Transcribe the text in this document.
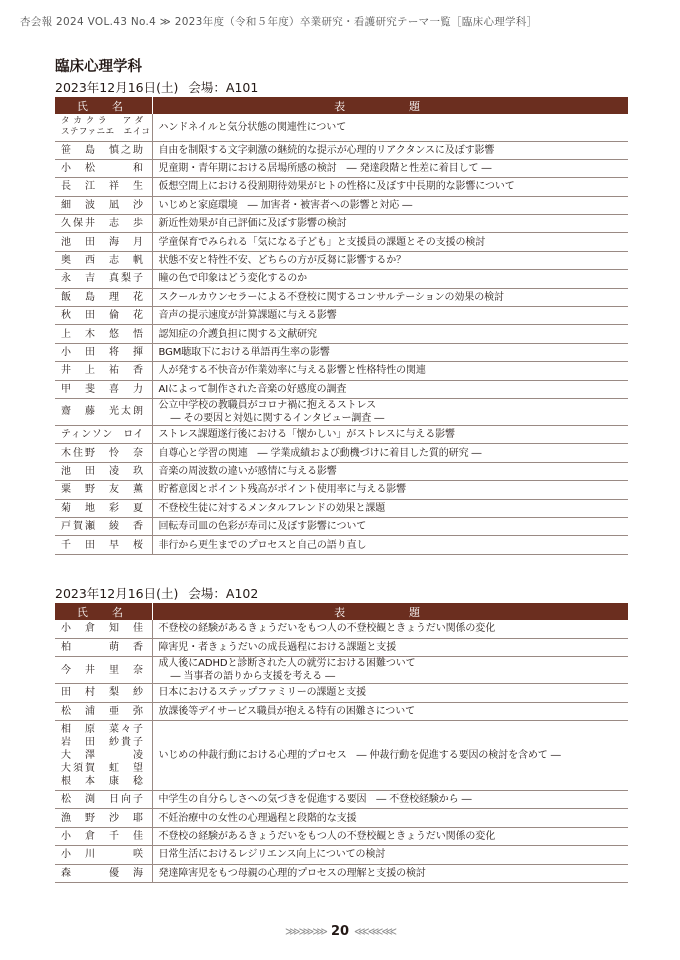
杏会報 2024 VOL.43 No.4 ≫ 2023年度（令和５年度）卒業研究・看護研究テーマ一覧［臨床心理学科］
臨床心理学科
2023年12月16日(土) 会場：A101
氏　名	表　題

タカクラ　アダ
ステファニエ　エイコ	ハンドネイルと気分状態の関連性について

笹　島　慎之助	自由を制限する文字刺激の継続的な提示が心理的リアクタンスに及ぼす影響

小　松　　　和	児童期・青年期における居場所感の検討　― 発達段階と性差に着目して ―

長　江　祥　生	仮想空間上における役割期待効果がヒトの性格に及ぼす中長期的な影響について

細　波　凪　沙	いじめと家庭環境　― 加害者・被害者への影響と対応 ―

久保井　志　歩	新近性効果が自己評価に及ぼす影響の検討

池　田　海　月	学童保育でみられる「気になる子ども」と支援員の課題とその支援の検討

奥　西　志　帆	状態不安と特性不安、どちらの方が反芻に影響するか？

永　吉　真梨子	瞳の色で印象はどう変化するのか

飯　島　理　花	スクールカウンセラーによる不登校に関するコンサルテーションの効果の検討

秋　田　倫　花	音声の提示速度が計算課題に与える影響

上　木　悠　悟	認知症の介護負担に関する文献研究

小　田　将　揮	BGM聴取下における単語再生率の影響

井　上　祐　香	人が発する不快音が作業効率に与える影響と性格特性の関連

甲　斐　喜　力	AIによって制作された音楽の好感度の調査

齋　藤　光太朗	公立中学校の教職員がコロナ禍に抱えるストレス
― その要因と対処に関するインタビュー調査 ―

ティンソン　ロイ	ストレス課題遂行後における「懐かしい」がストレスに与える影響

木住野　怜　奈	自尊心と学習の関連　― 学業成績および動機づけに着目した質的研究 ―

池　田　凌　玖	音楽の周波数の違いが感情に与える影響

粟　野　友　薫	貯蓄意図とポイント残高がポイント使用率に与える影響

菊　地　彩　夏	不登校生徒に対するメンタルフレンドの効果と課題

戸賀瀬　綾　香	回転寿司皿の色彩が寿司に及ぼす影響について

千　田　早　桜	非行から更生までのプロセスと自己の語り直し
2023年12月16日(土) 会場：A102
氏　名	表　題

小　倉　知　佳	不登校の経験があるきょうだいをもつ人の不登校観ときょうだい関係の変化

柏　　　萌　香	障害児・者きょうだいの成長過程における課題と支援

今　井　里　奈	成人後にADHDと診断された人の就労における困難ついて
― 当事者の語りから支援を考える ―

田　村　梨　紗	日本におけるステップファミリーの課題と支援

松　浦　亜　弥	放課後等デイサービス職員が抱える特有の困難さについて

相　原　菜々子
岩　田　紗貴子
大　澤　　　凌
大須賀　虹　望
根　本　康　稔	いじめの仲裁行動における心理的プロセス　― 仲裁行動を促進する要因の検討を含めて ―

松　渕　日向子	中学生の自分らしさへの気づきを促進する要因　― 不登校経験から ―

漁　野　沙　耶	不妊治療中の女性の心理過程と段階的な支援

小　倉　千　佳	不登校の経験があるきょうだいをもつ人の不登校観ときょうだい関係の変化

小　川　　　咲	日常生活におけるレジリエンス向上についての検討

森　　　優　海	発達障害児をもつ母親の心理的プロセスの理解と支援の検討
⋙⋙⋙ 20 ⋘⋘⋘
